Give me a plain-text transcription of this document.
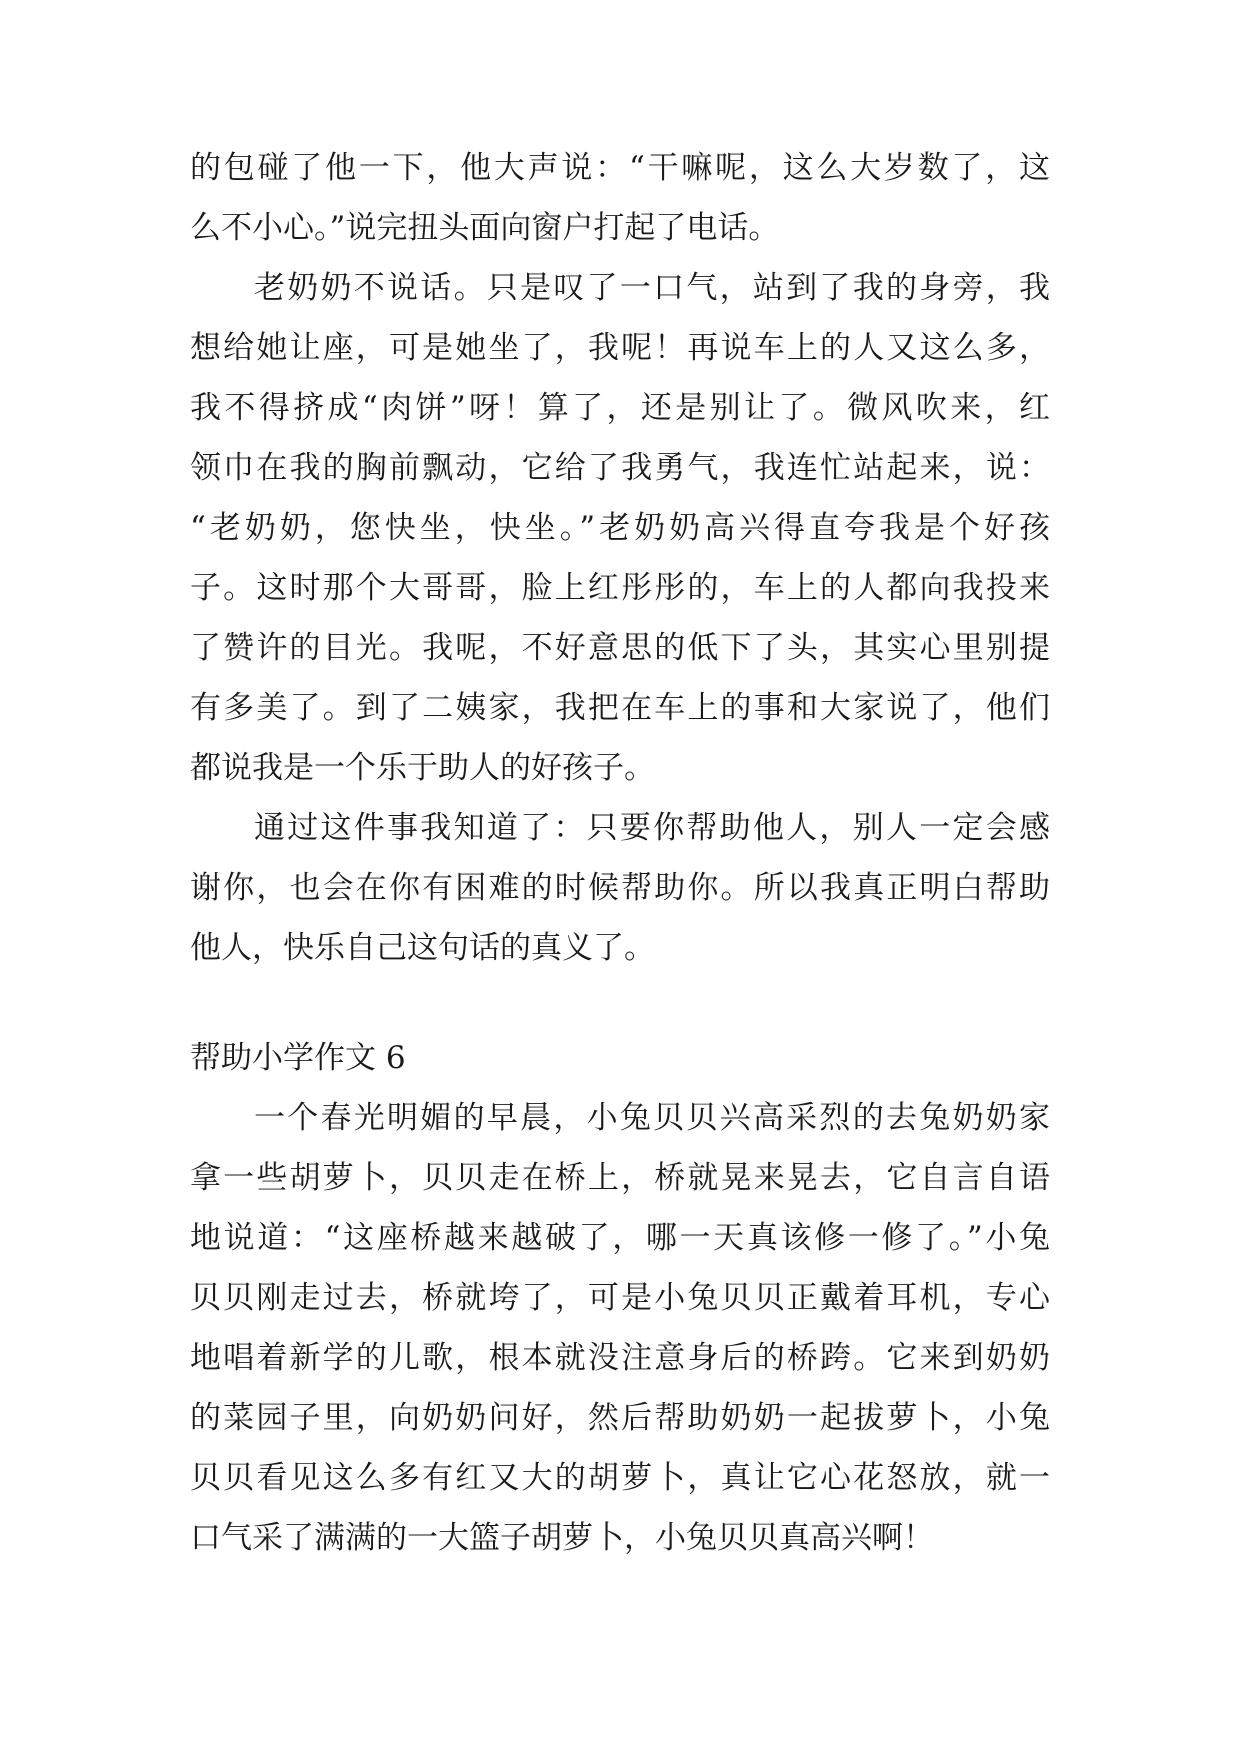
的包碰了他一下，他大声说：“干嘛呢，这么大岁数了，这
么不小心。”说完扭头面向窗户打起了电话。
老奶奶不说话。只是叹了一口气，站到了我的身旁，我
想给她让座，可是她坐了，我呢！再说车上的人又这么多，
我不得挤成“肉饼”呀！算了，还是别让了。微风吹来，红
领巾在我的胸前飘动，它给了我勇气，我连忙站起来，说：
“老奶奶，您快坐，快坐。”老奶奶高兴得直夸我是个好孩
子。这时那个大哥哥，脸上红彤彤的，车上的人都向我投来
了赞许的目光。我呢，不好意思的低下了头，其实心里别提
有多美了。到了二姨家，我把在车上的事和大家说了，他们
都说我是一个乐于助人的好孩子。
通过这件事我知道了：只要你帮助他人，别人一定会感
谢你，也会在你有困难的时候帮助你。所以我真正明白帮助
他人，快乐自己这句话的真义了。
帮助小学作文 6
一个春光明媚的早晨，小兔贝贝兴高采烈的去兔奶奶家
拿一些胡萝卜，贝贝走在桥上，桥就晃来晃去，它自言自语
地说道：“这座桥越来越破了，哪一天真该修一修了。”小兔
贝贝刚走过去，桥就垮了，可是小兔贝贝正戴着耳机，专心
地唱着新学的儿歌，根本就没注意身后的桥跨。它来到奶奶
的菜园子里，向奶奶问好，然后帮助奶奶一起拔萝卜，小兔
贝贝看见这么多有红又大的胡萝卜，真让它心花怒放，就一
口气采了满满的一大篮子胡萝卜，小兔贝贝真高兴啊！
